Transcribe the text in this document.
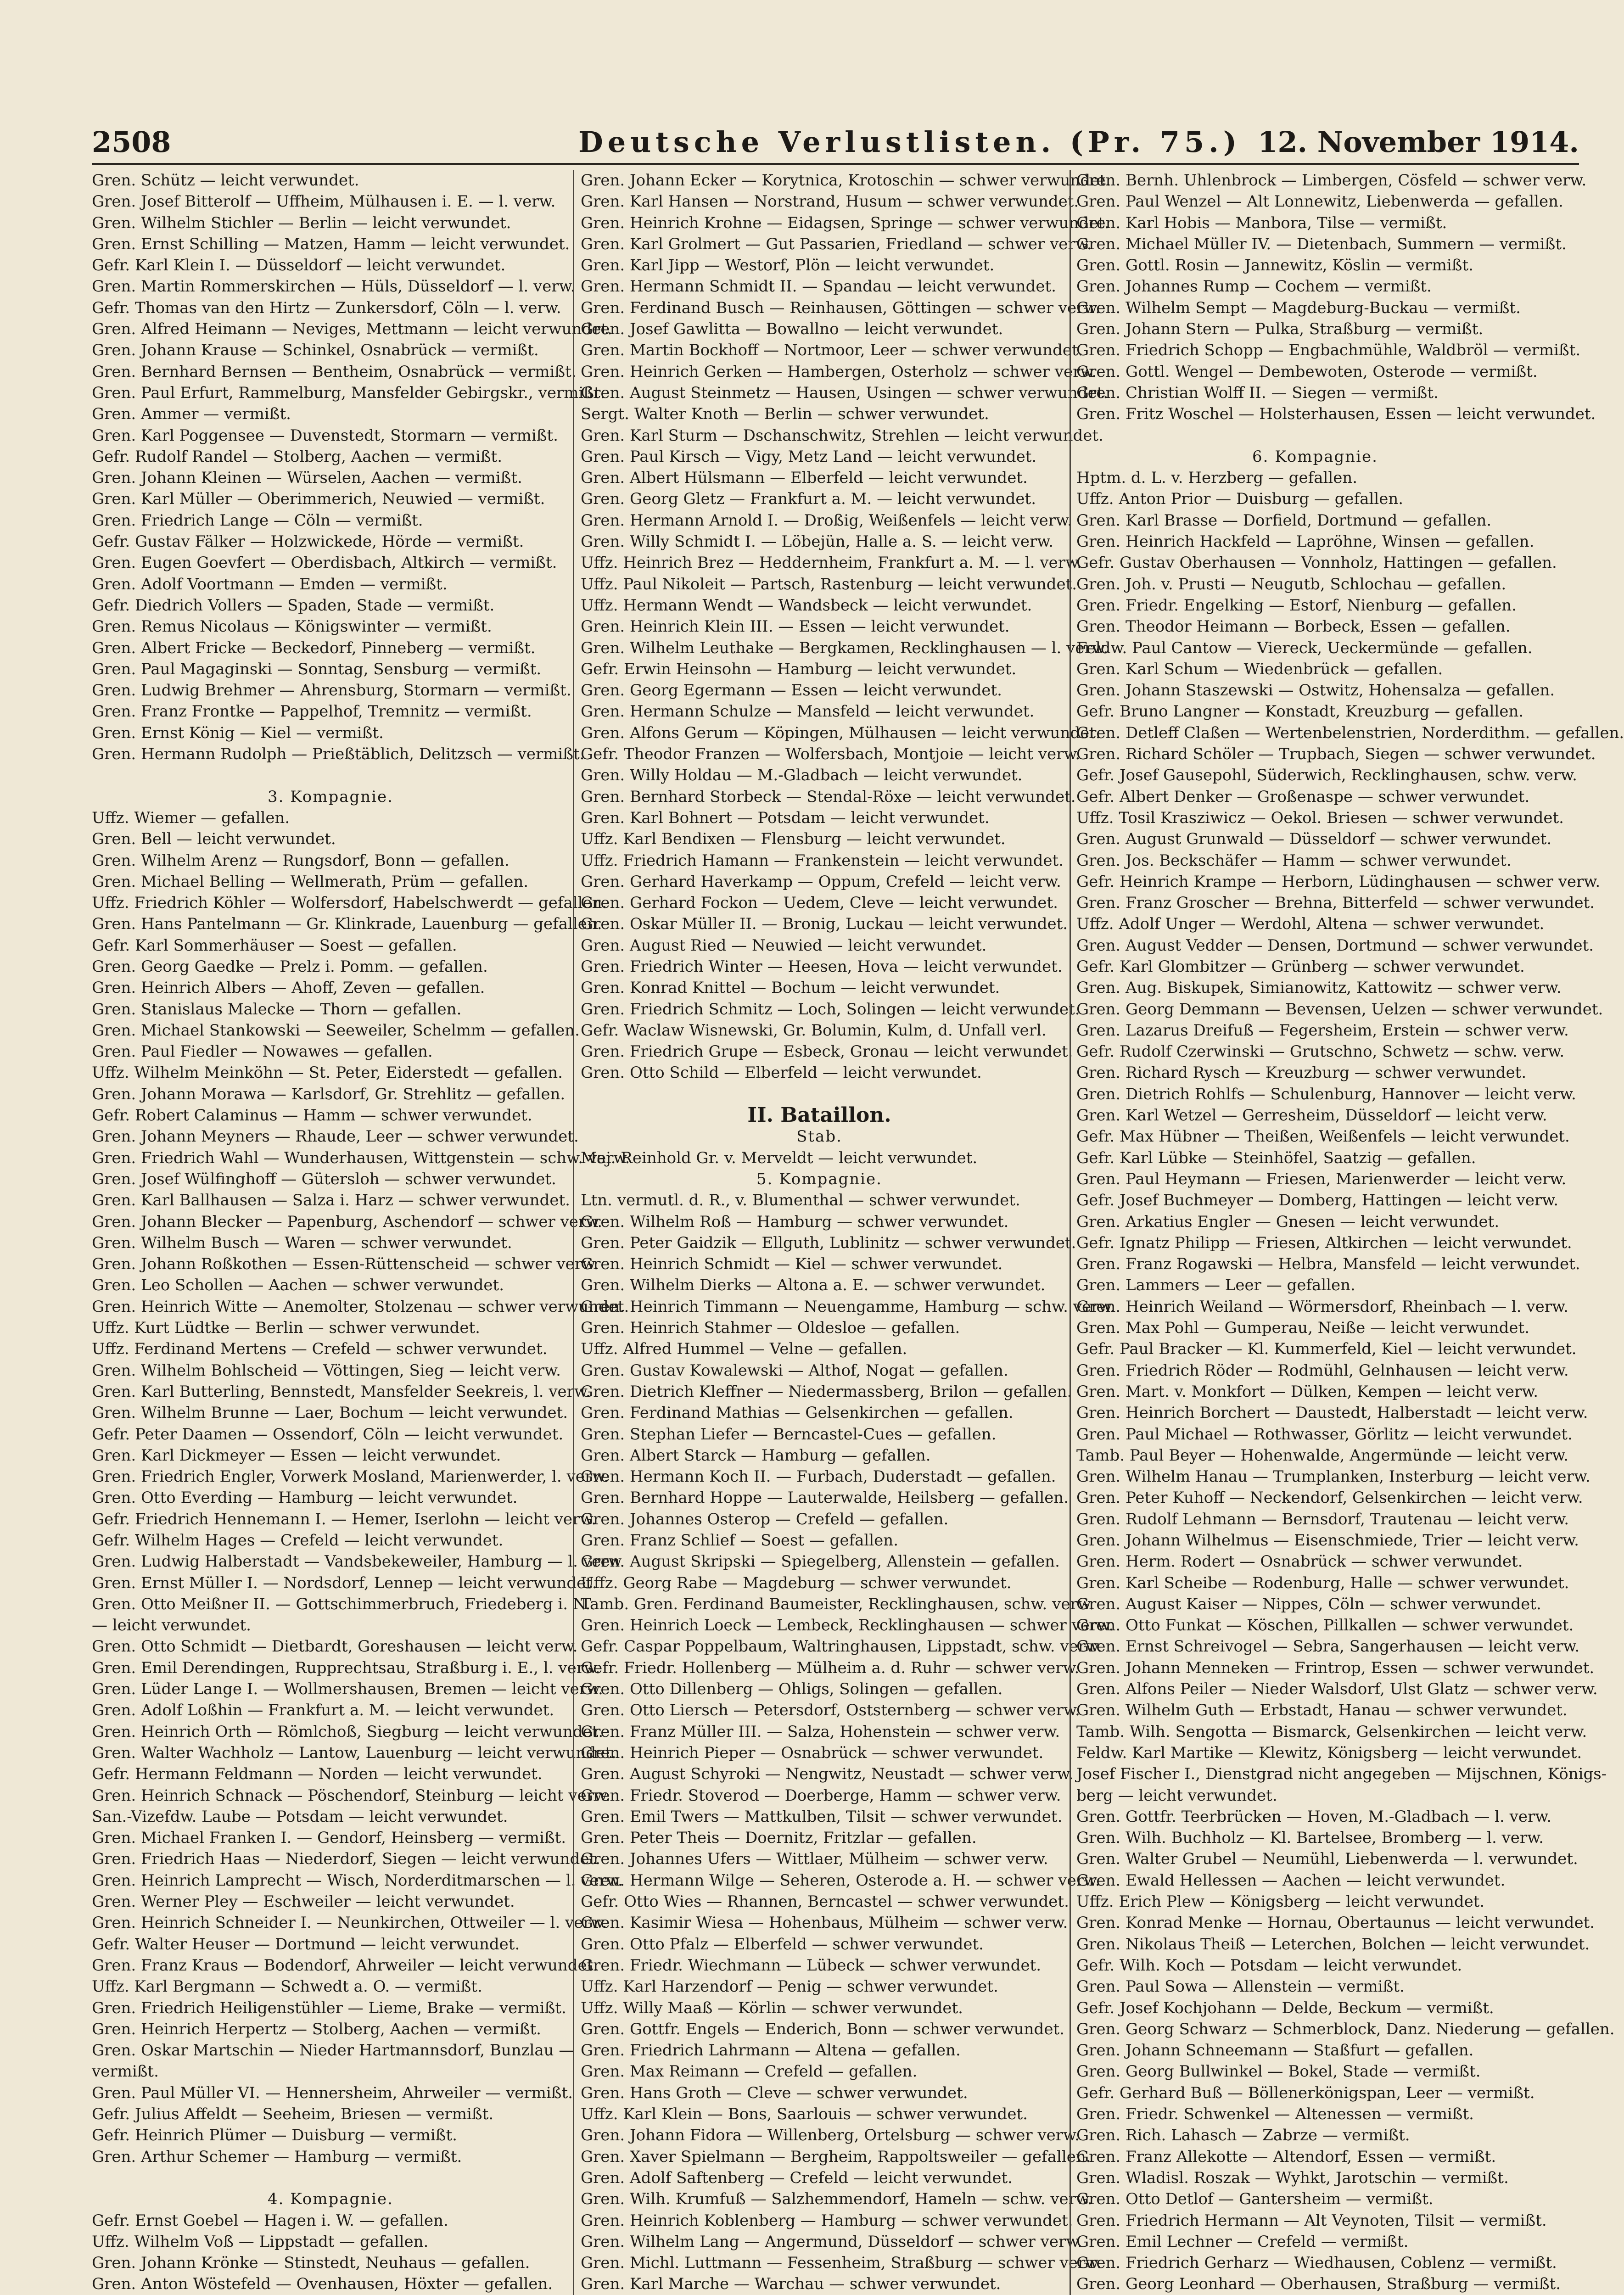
2508	Deutsche Verlustlisten. (Pr. 75.) 12. November 1914.
Gren. Schütz — leicht verwundet.
Gren. Josef Bitterolf — Uffheim, Mülhausen i. E. — l. verw.
Gren. Wilhelm Stichler — Berlin — leicht verwundet.
Gren. Ernst Schilling — Matzen, Hamm — leicht verwundet.
Gefr. Karl Klein I. — Düsseldorf — leicht verwundet.
Gren. Martin Rommerskirchen — Hüls, Düsseldorf — l. verw.
Gefr. Thomas van den Hirtz — Zunkersdorf, Cöln — l. verw.
Gren. Alfred Heimann — Neviges, Mettmann — leicht verwundet.
Gren. Johann Krause — Schinkel, Osnabrück — vermißt.
Gren. Bernhard Bernsen — Bentheim, Osnabrück — vermißt.
Gren. Paul Erfurt, Rammelburg, Mansfelder Gebirgskr., vermißt.
Gren. Ammer — vermißt.
Gren. Karl Poggensee — Duvenstedt, Stormarn — vermißt.
Gefr. Rudolf Randel — Stolberg, Aachen — vermißt.
Gren. Johann Kleinen — Würselen, Aachen — vermißt.
Gren. Karl Müller — Oberimmerich, Neuwied — vermißt.
Gren. Friedrich Lange — Cöln — vermißt.
Gefr. Gustav Fälker — Holzwickede, Hörde — vermißt.
Gren. Eugen Goevfert — Oberdisbach, Altkirch — vermißt.
Gren. Adolf Voortmann — Emden — vermißt.
Gefr. Diedrich Vollers — Spaden, Stade — vermißt.
Gren. Remus Nicolaus — Königswinter — vermißt.
Gren. Albert Fricke — Beckedorf, Pinneberg — vermißt.
Gren. Paul Magaginski — Sonntag, Sensburg — vermißt.
Gren. Ludwig Brehmer — Ahrensburg, Stormarn — vermißt.
Gren. Franz Frontke — Pappelhof, Tremnitz — vermißt.
Gren. Ernst König — Kiel — vermißt.
Gren. Hermann Rudolph — Prießtäblich, Delitzsch — vermißt.
3. Kompagnie.
Uffz. Wiemer — gefallen.
Gren. Bell — leicht verwundet.
Gren. Wilhelm Arenz — Rungsdorf, Bonn — gefallen.
Gren. Michael Belling — Wellmerath, Prüm — gefallen.
Uffz. Friedrich Köhler — Wolfersdorf, Habelschwerdt — gefallen.
Gren. Hans Pantelmann — Gr. Klinkrade, Lauenburg — gefallen.
Gefr. Karl Sommerhäuser — Soest — gefallen.
Gren. Georg Gaedke — Prelz i. Pomm. — gefallen.
Gren. Heinrich Albers — Ahoff, Zeven — gefallen.
Gren. Stanislaus Malecke — Thorn — gefallen.
Gren. Michael Stankowski — Seeweiler, Schelmm — gefallen.
Gren. Paul Fiedler — Nowawes — gefallen.
Uffz. Wilhelm Meinköhn — St. Peter, Eiderstedt — gefallen.
Gren. Johann Morawa — Karlsdorf, Gr. Strehlitz — gefallen.
Gefr. Robert Calaminus — Hamm — schwer verwundet.
Gren. Johann Meyners — Rhaude, Leer — schwer verwundet.
Gren. Friedrich Wahl — Wunderhausen, Wittgenstein — schw. verw.
Gren. Josef Wülfinghoff — Gütersloh — schwer verwundet.
Gren. Karl Ballhausen — Salza i. Harz — schwer verwundet.
Gren. Johann Blecker — Papenburg, Aschendorf — schwer verw.
Gren. Wilhelm Busch — Waren — schwer verwundet.
Gren. Johann Roßkothen — Essen-Rüttenscheid — schwer verw.
Gren. Leo Schollen — Aachen — schwer verwundet.
Gren. Heinrich Witte — Anemolter, Stolzenau — schwer verwundet.
Uffz. Kurt Lüdtke — Berlin — schwer verwundet.
Uffz. Ferdinand Mertens — Crefeld — schwer verwundet.
Gren. Wilhelm Bohlscheid — Vöttingen, Sieg — leicht verw.
Gren. Karl Butterling, Bennstedt, Mansfelder Seekreis, l. verw.
Gren. Wilhelm Brunne — Laer, Bochum — leicht verwundet.
Gefr. Peter Daamen — Ossendorf, Cöln — leicht verwundet.
Gren. Karl Dickmeyer — Essen — leicht verwundet.
Gren. Friedrich Engler, Vorwerk Mosland, Marienwerder, l. verw.
Gren. Otto Everding — Hamburg — leicht verwundet.
Gefr. Friedrich Hennemann I. — Hemer, Iserlohn — leicht verw.
Gefr. Wilhelm Hages — Crefeld — leicht verwundet.
Gren. Ludwig Halberstadt — Vandsbekeweiler, Hamburg — l. verw.
Gren. Ernst Müller I. — Nordsdorf, Lennep — leicht verwundet.
Gren. Otto Meißner II. — Gottschimmerbruch, Friedeberg i. N.
— leicht verwundet.
Gren. Otto Schmidt — Dietbardt, Goreshausen — leicht verw.
Gren. Emil Derendingen, Rupprechtsau, Straßburg i. E., l. verw.
Gren. Lüder Lange I. — Wollmershausen, Bremen — leicht verw.
Gren. Adolf Loßhin — Frankfurt a. M. — leicht verwundet.
Gren. Heinrich Orth — Römlchoß, Siegburg — leicht verwundet.
Gren. Walter Wachholz — Lantow, Lauenburg — leicht verwundet.
Gefr. Hermann Feldmann — Norden — leicht verwundet.
Gren. Heinrich Schnack — Pöschendorf, Steinburg — leicht verw.
San.-Vizefdw. Laube — Potsdam — leicht verwundet.
Gren. Michael Franken I. — Gendorf, Heinsberg — vermißt.
Gren. Friedrich Haas — Niederdorf, Siegen — leicht verwundet.
Gren. Heinrich Lamprecht — Wisch, Norderditmarschen — l. verw.
Gren. Werner Pley — Eschweiler — leicht verwundet.
Gren. Heinrich Schneider I. — Neunkirchen, Ottweiler — l. verw.
Gefr. Walter Heuser — Dortmund — leicht verwundet.
Gren. Franz Kraus — Bodendorf, Ahrweiler — leicht verwundet.
Uffz. Karl Bergmann — Schwedt a. O. — vermißt.
Gren. Friedrich Heiligenstühler — Lieme, Brake — vermißt.
Gren. Heinrich Herpertz — Stolberg, Aachen — vermißt.
Gren. Oskar Martschin — Nieder Hartmannsdorf, Bunzlau —
vermißt.
Gren. Paul Müller VI. — Hennersheim, Ahrweiler — vermißt.
Gefr. Julius Affeldt — Seeheim, Briesen — vermißt.
Gefr. Heinrich Plümer — Duisburg — vermißt.
Gren. Arthur Schemer — Hamburg — vermißt.
4. Kompagnie.
Gefr. Ernst Goebel — Hagen i. W. — gefallen.
Uffz. Wilhelm Voß — Lippstadt — gefallen.
Gren. Johann Krönke — Stinstedt, Neuhaus — gefallen.
Gren. Anton Wöstefeld — Ovenhausen, Höxter — gefallen.
Gren. Johann Ecker — Korytnica, Krotoschin — schwer verwundet.
Gren. Karl Hansen — Norstrand, Husum — schwer verwundet.
Gren. Heinrich Krohne — Eidagsen, Springe — schwer verwundet.
Gren. Karl Grolmert — Gut Passarien, Friedland — schwer verw.
Gren. Karl Jipp — Westorf, Plön — leicht verwundet.
Gren. Hermann Schmidt II. — Spandau — leicht verwundet.
Gren. Ferdinand Busch — Reinhausen, Göttingen — schwer verw.
Gren. Josef Gawlitta — Bowallno — leicht verwundet.
Gren. Martin Bockhoff — Nortmoor, Leer — schwer verwundet.
Gren. Heinrich Gerken — Hambergen, Osterholz — schwer verw.
Gren. August Steinmetz — Hausen, Usingen — schwer verwundet.
Sergt. Walter Knoth — Berlin — schwer verwundet.
Gren. Karl Sturm — Dschanschwitz, Strehlen — leicht verwundet.
Gren. Paul Kirsch — Vigy, Metz Land — leicht verwundet.
Gren. Albert Hülsmann — Elberfeld — leicht verwundet.
Gren. Georg Gletz — Frankfurt a. M. — leicht verwundet.
Gren. Hermann Arnold I. — Droßig, Weißenfels — leicht verw.
Gren. Willy Schmidt I. — Löbejün, Halle a. S. — leicht verw.
Uffz. Heinrich Brez — Heddernheim, Frankfurt a. M. — l. verw.
Uffz. Paul Nikoleit — Partsch, Rastenburg — leicht verwundet.
Uffz. Hermann Wendt — Wandsbeck — leicht verwundet.
Gren. Heinrich Klein III. — Essen — leicht verwundet.
Gren. Wilhelm Leuthake — Bergkamen, Recklinghausen — l. verw.
Gefr. Erwin Heinsohn — Hamburg — leicht verwundet.
Gren. Georg Egermann — Essen — leicht verwundet.
Gren. Hermann Schulze — Mansfeld — leicht verwundet.
Gren. Alfons Gerum — Köpingen, Mülhausen — leicht verwundet.
Gefr. Theodor Franzen — Wolfersbach, Montjoie — leicht verw.
Gren. Willy Holdau — M.-Gladbach — leicht verwundet.
Gren. Bernhard Storbeck — Stendal-Röxe — leicht verwundet.
Gren. Karl Bohnert — Potsdam — leicht verwundet.
Uffz. Karl Bendixen — Flensburg — leicht verwundet.
Uffz. Friedrich Hamann — Frankenstein — leicht verwundet.
Gren. Gerhard Haverkamp — Oppum, Crefeld — leicht verw.
Gren. Gerhard Fockon — Uedem, Cleve — leicht verwundet.
Gren. Oskar Müller II. — Bronig, Luckau — leicht verwundet.
Gren. August Ried — Neuwied — leicht verwundet.
Gren. Friedrich Winter — Heesen, Hova — leicht verwundet.
Gren. Konrad Knittel — Bochum — leicht verwundet.
Gren. Friedrich Schmitz — Loch, Solingen — leicht verwundet.
Gefr. Waclaw Wisnewski, Gr. Bolumin, Kulm, d. Unfall verl.
Gren. Friedrich Grupe — Esbeck, Gronau — leicht verwundet.
Gren. Otto Schild — Elberfeld — leicht verwundet.
II. Bataillon.
Stab.
Maj. Reinhold Gr. v. Merveldt — leicht verwundet.
5. Kompagnie.
Ltn. vermutl. d. R., v. Blumenthal — schwer verwundet.
Gren. Wilhelm Roß — Hamburg — schwer verwundet.
Gren. Peter Gaidzik — Ellguth, Lublinitz — schwer verwundet.
Gren. Heinrich Schmidt — Kiel — schwer verwundet.
Gren. Wilhelm Dierks — Altona a. E. — schwer verwundet.
Gren. Heinrich Timmann — Neuengamme, Hamburg — schw. verw.
Gren. Heinrich Stahmer — Oldesloe — gefallen.
Uffz. Alfred Hummel — Velne — gefallen.
Gren. Gustav Kowalewski — Althof, Nogat — gefallen.
Gren. Dietrich Kleffner — Niedermassberg, Brilon — gefallen.
Gren. Ferdinand Mathias — Gelsenkirchen — gefallen.
Gren. Stephan Liefer — Berncastel-Cues — gefallen.
Gren. Albert Starck — Hamburg — gefallen.
Gren. Hermann Koch II. — Furbach, Duderstadt — gefallen.
Gren. Bernhard Hoppe — Lauterwalde, Heilsberg — gefallen.
Gren. Johannes Osterop — Crefeld — gefallen.
Gren. Franz Schlief — Soest — gefallen.
Gren. August Skripski — Spiegelberg, Allenstein — gefallen.
Uffz. Georg Rabe — Magdeburg — schwer verwundet.
Tamb. Gren. Ferdinand Baumeister, Recklinghausen, schw. verw.
Gren. Heinrich Loeck — Lembeck, Recklinghausen — schwer verw.
Gefr. Caspar Poppelbaum, Waltringhausen, Lippstadt, schw. verw.
Gefr. Friedr. Hollenberg — Mülheim a. d. Ruhr — schwer verw.
Gren. Otto Dillenberg — Ohligs, Solingen — gefallen.
Gren. Otto Liersch — Petersdorf, Oststernberg — schwer verw.
Gren. Franz Müller III. — Salza, Hohenstein — schwer verw.
Gren. Heinrich Pieper — Osnabrück — schwer verwundet.
Gren. August Schyroki — Nengwitz, Neustadt — schwer verw.
Gren. Friedr. Stoverod — Doerberge, Hamm — schwer verw.
Gren. Emil Twers — Mattkulben, Tilsit — schwer verwundet.
Gren. Peter Theis — Doernitz, Fritzlar — gefallen.
Gren. Johannes Ufers — Wittlaer, Mülheim — schwer verw.
Gren. Hermann Wilge — Seheren, Osterode a. H. — schwer verw.
Gefr. Otto Wies — Rhannen, Berncastel — schwer verwundet.
Gren. Kasimir Wiesa — Hohenbaus, Mülheim — schwer verw.
Gren. Otto Pfalz — Elberfeld — schwer verwundet.
Gren. Friedr. Wiechmann — Lübeck — schwer verwundet.
Uffz. Karl Harzendorf — Penig — schwer verwundet.
Uffz. Willy Maaß — Körlin — schwer verwundet.
Gren. Gottfr. Engels — Enderich, Bonn — schwer verwundet.
Gren. Friedrich Lahrmann — Altena — gefallen.
Gren. Max Reimann — Crefeld — gefallen.
Gren. Hans Groth — Cleve — schwer verwundet.
Uffz. Karl Klein — Bons, Saarlouis — schwer verwundet.
Gren. Johann Fidora — Willenberg, Ortelsburg — schwer verw.
Gren. Xaver Spielmann — Bergheim, Rappoltsweiler — gefallen.
Gren. Adolf Saftenberg — Crefeld — leicht verwundet.
Gren. Wilh. Krumfuß — Salzhemmendorf, Hameln — schw. verw.
Gren. Heinrich Koblenberg — Hamburg — schwer verwundet.
Gren. Wilhelm Lang — Angermund, Düsseldorf — schwer verw.
Gren. Michl. Luttmann — Fessenheim, Straßburg — schwer verw.
Gren. Karl Marche — Warchau — schwer verwundet.
Gren. Bernh. Uhlenbrock — Limbergen, Cösfeld — schwer verw.
Gren. Paul Wenzel — Alt Lonnewitz, Liebenwerda — gefallen.
Gren. Karl Hobis — Manbora, Tilse — vermißt.
Gren. Michael Müller IV. — Dietenbach, Summern — vermißt.
Gren. Gottl. Rosin — Jannewitz, Köslin — vermißt.
Gren. Johannes Rump — Cochem — vermißt.
Gren. Wilhelm Sempt — Magdeburg-Buckau — vermißt.
Gren. Johann Stern — Pulka, Straßburg — vermißt.
Gren. Friedrich Schopp — Engbachmühle, Waldbröl — vermißt.
Gren. Gottl. Wengel — Dembewoten, Osterode — vermißt.
Gren. Christian Wolff II. — Siegen — vermißt.
Gren. Fritz Woschel — Holsterhausen, Essen — leicht verwundet.
6. Kompagnie.
Hptm. d. L. v. Herzberg — gefallen.
Uffz. Anton Prior — Duisburg — gefallen.
Gren. Karl Brasse — Dorfield, Dortmund — gefallen.
Gren. Heinrich Hackfeld — Lapröhne, Winsen — gefallen.
Gefr. Gustav Oberhausen — Vonnholz, Hattingen — gefallen.
Gren. Joh. v. Prusti — Neugutb, Schlochau — gefallen.
Gren. Friedr. Engelking — Estorf, Nienburg — gefallen.
Gren. Theodor Heimann — Borbeck, Essen — gefallen.
Feldw. Paul Cantow — Viereck, Ueckermünde — gefallen.
Gren. Karl Schum — Wiedenbrück — gefallen.
Gren. Johann Staszewski — Ostwitz, Hohensalza — gefallen.
Gefr. Bruno Langner — Konstadt, Kreuzburg — gefallen.
Gren. Detleff Claßen — Wertenbelenstrien, Norderdithm. — gefallen.
Gren. Richard Schöler — Trupbach, Siegen — schwer verwundet.
Gefr. Josef Gausepohl, Süderwich, Recklinghausen, schw. verw.
Gefr. Albert Denker — Großenaspe — schwer verwundet.
Uffz. Tosil Krasziwicz — Oekol. Briesen — schwer verwundet.
Gren. August Grunwald — Düsseldorf — schwer verwundet.
Gren. Jos. Beckschäfer — Hamm — schwer verwundet.
Gefr. Heinrich Krampe — Herborn, Lüdinghausen — schwer verw.
Gren. Franz Groscher — Brehna, Bitterfeld — schwer verwundet.
Uffz. Adolf Unger — Werdohl, Altena — schwer verwundet.
Gren. August Vedder — Densen, Dortmund — schwer verwundet.
Gefr. Karl Glombitzer — Grünberg — schwer verwundet.
Gren. Aug. Biskupek, Simianowitz, Kattowitz — schwer verw.
Gren. Georg Demmann — Bevensen, Uelzen — schwer verwundet.
Gren. Lazarus Dreifuß — Fegersheim, Erstein — schwer verw.
Gefr. Rudolf Czerwinski — Grutschno, Schwetz — schw. verw.
Gren. Richard Rysch — Kreuzburg — schwer verwundet.
Gren. Dietrich Rohlfs — Schulenburg, Hannover — leicht verw.
Gren. Karl Wetzel — Gerresheim, Düsseldorf — leicht verw.
Gefr. Max Hübner — Theißen, Weißenfels — leicht verwundet.
Gefr. Karl Lübke — Steinhöfel, Saatzig — gefallen.
Gren. Paul Heymann — Friesen, Marienwerder — leicht verw.
Gefr. Josef Buchmeyer — Domberg, Hattingen — leicht verw.
Gren. Arkatius Engler — Gnesen — leicht verwundet.
Gefr. Ignatz Philipp — Friesen, Altkirchen — leicht verwundet.
Gren. Franz Rogawski — Helbra, Mansfeld — leicht verwundet.
Gren. Lammers — Leer — gefallen.
Gren. Heinrich Weiland — Wörmersdorf, Rheinbach — l. verw.
Gren. Max Pohl — Gumperau, Neiße — leicht verwundet.
Gefr. Paul Bracker — Kl. Kummerfeld, Kiel — leicht verwundet.
Gren. Friedrich Röder — Rodmühl, Gelnhausen — leicht verw.
Gren. Mart. v. Monkfort — Dülken, Kempen — leicht verw.
Gren. Heinrich Borchert — Daustedt, Halberstadt — leicht verw.
Gren. Paul Michael — Rothwasser, Görlitz — leicht verwundet.
Tamb. Paul Beyer — Hohenwalde, Angermünde — leicht verw.
Gren. Wilhelm Hanau — Trumplanken, Insterburg — leicht verw.
Gren. Peter Kuhoff — Neckendorf, Gelsenkirchen — leicht verw.
Gren. Rudolf Lehmann — Bernsdorf, Trautenau — leicht verw.
Gren. Johann Wilhelmus — Eisenschmiede, Trier — leicht verw.
Gren. Herm. Rodert — Osnabrück — schwer verwundet.
Gren. Karl Scheibe — Rodenburg, Halle — schwer verwundet.
Gren. August Kaiser — Nippes, Cöln — schwer verwundet.
Gren. Otto Funkat — Köschen, Pillkallen — schwer verwundet.
Gren. Ernst Schreivogel — Sebra, Sangerhausen — leicht verw.
Gren. Johann Menneken — Frintrop, Essen — schwer verwundet.
Gren. Alfons Peiler — Nieder Walsdorf, Ulst Glatz — schwer verw.
Gren. Wilhelm Guth — Erbstadt, Hanau — schwer verwundet.
Tamb. Wilh. Sengotta — Bismarck, Gelsenkirchen — leicht verw.
Feldw. Karl Martike — Klewitz, Königsberg — leicht verwundet.
Josef Fischer I., Dienstgrad nicht angegeben — Mijschnen, Königs-
berg — leicht verwundet.
Gren. Gottfr. Teerbrücken — Hoven, M.-Gladbach — l. verw.
Gren. Wilh. Buchholz — Kl. Bartelsee, Bromberg — l. verw.
Gren. Walter Grubel — Neumühl, Liebenwerda — l. verwundet.
Gren. Ewald Hellessen — Aachen — leicht verwundet.
Uffz. Erich Plew — Königsberg — leicht verwundet.
Gren. Konrad Menke — Hornau, Obertaunus — leicht verwundet.
Gren. Nikolaus Theiß — Leterchen, Bolchen — leicht verwundet.
Gefr. Wilh. Koch — Potsdam — leicht verwundet.
Gren. Paul Sowa — Allenstein — vermißt.
Gefr. Josef Kochjohann — Delde, Beckum — vermißt.
Gren. Georg Schwarz — Schmerblock, Danz. Niederung — gefallen.
Gren. Johann Schneemann — Staßfurt — gefallen.
Gren. Georg Bullwinkel — Bokel, Stade — vermißt.
Gefr. Gerhard Buß — Böllenerkönigspan, Leer — vermißt.
Gren. Friedr. Schwenkel — Altenessen — vermißt.
Gren. Rich. Lahasch — Zabrze — vermißt.
Gren. Franz Allekotte — Altendorf, Essen — vermißt.
Gren. Wladisl. Roszak — Wyhkt, Jarotschin — vermißt.
Gren. Otto Detlof — Gantersheim — vermißt.
Gren. Friedrich Hermann — Alt Veynoten, Tilsit — vermißt.
Gren. Emil Lechner — Crefeld — vermißt.
Gren. Friedrich Gerharz — Wiedhausen, Coblenz — vermißt.
Gren. Georg Leonhard — Oberhausen, Straßburg — vermißt.
